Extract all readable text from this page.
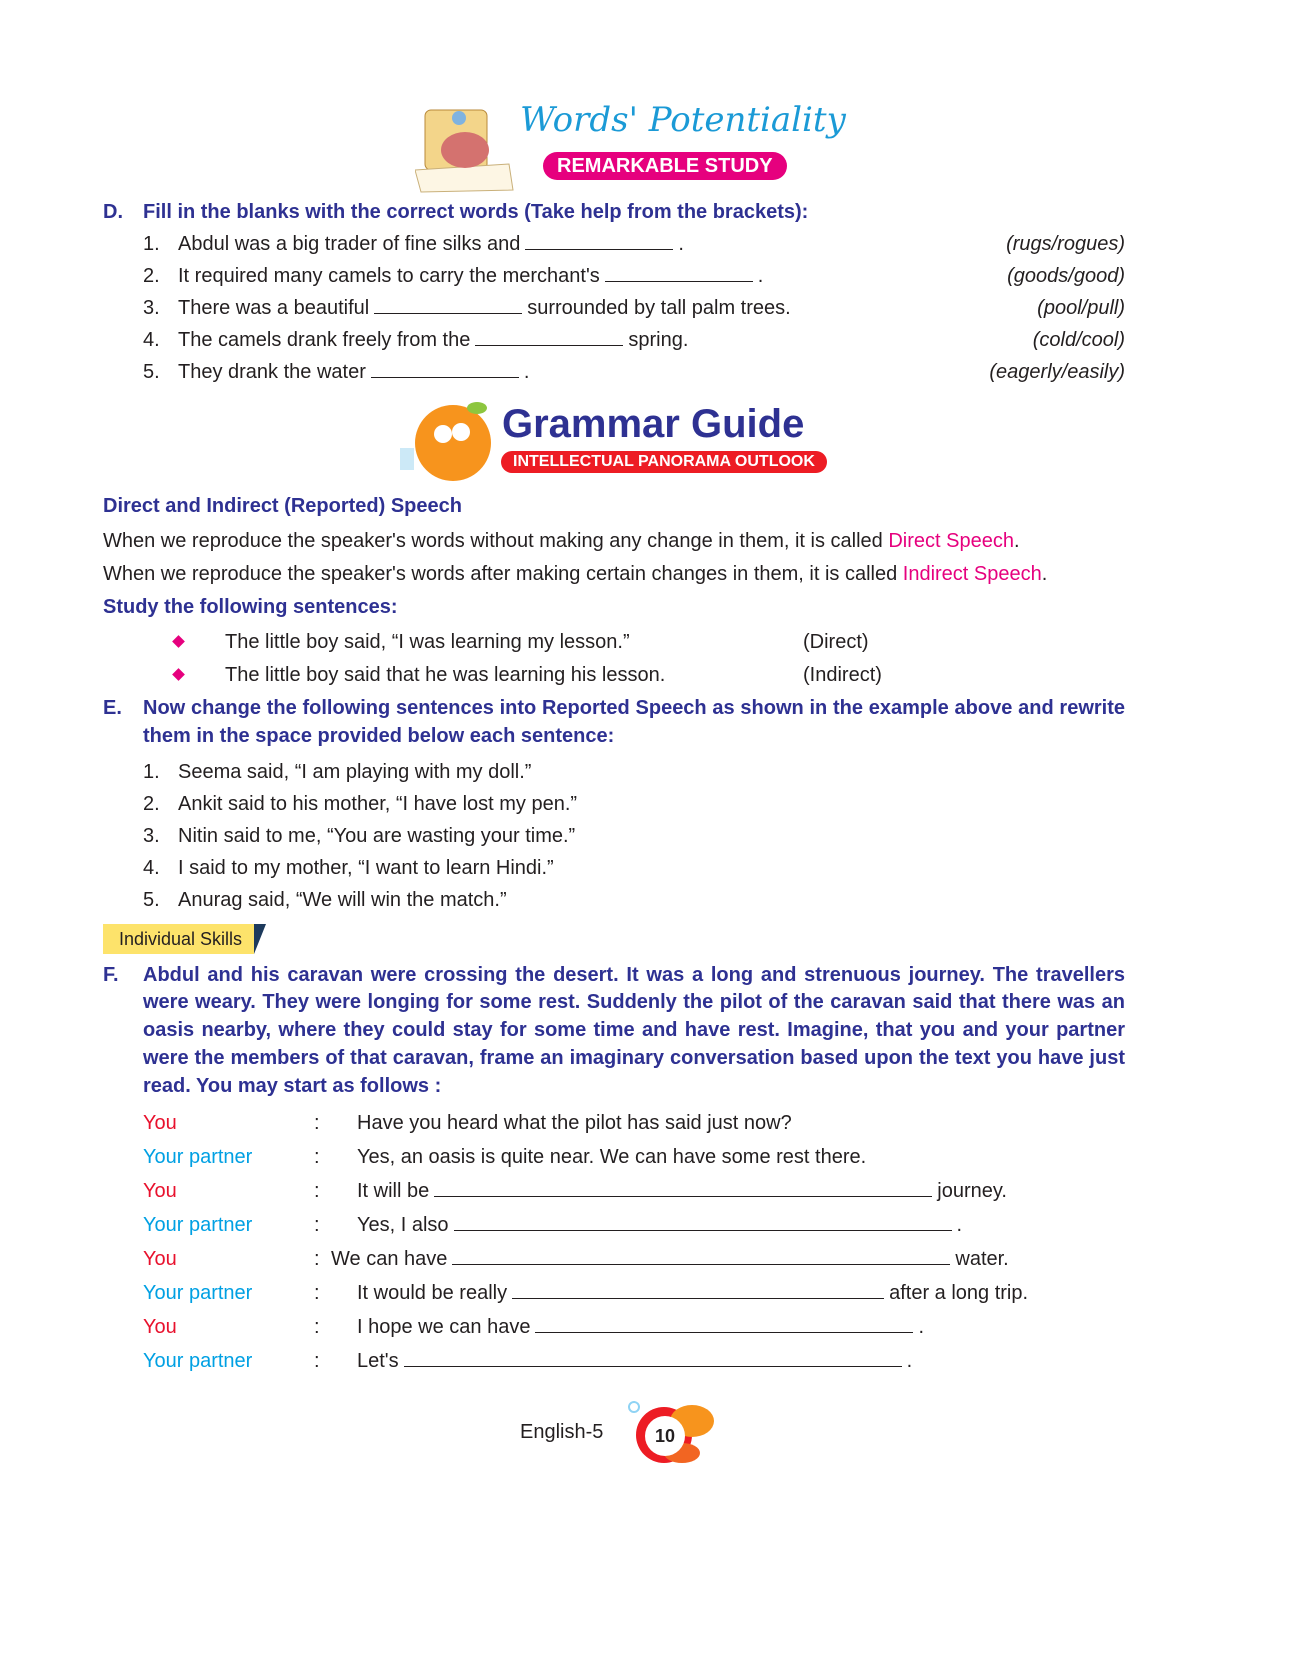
Words' Potentiality
REMARKABLE STUDY
D. Fill in the blanks with the correct words (Take help from the brackets):
Grammar Guide
INTELLECTUAL PANORAMA OUTLOOK
Direct and Indirect (Reported) Speech
When we reproduce the speaker's words without making any change in them, it is called Direct Speech.
When we reproduce the speaker's words after making certain changes in them, it is called Indirect Speech.
Study the following sentences:
E. Now change the following sentences into Reported Speech as shown in the example above and rewrite them in the space provided below each sentence:
1. Seema said, “I am playing with my doll.”
2. Ankit said to his mother, “I have lost my pen.”
3. Nitin said to me, “You are wasting your time.”
4. I said to my mother, “I want to learn Hindi.”
5. Anurag said, “We will win the match.”
Individual Skills
F. Abdul and his caravan were crossing the desert. It was a long and strenuous journey. The travellers were weary. They were longing for some rest. Suddenly the pilot of the caravan said that there was an oasis nearby, where they could stay for some time and have rest. Imagine, that you and your partner were the members of that caravan, frame an imaginary conversation based upon the text you have just read. You may start as follows :
You	: Have you heard what the pilot has said just now?
Your partner	: Yes, an oasis is quite near. We can have some rest there.
You	: It will be	journey.
Your partner	: Yes, I also	.
You	: We can have	water.
Your partner	: It would be really	after a long trip.
You	: I hope we can have	.
Your partner	: Let's	.
English-5	10
1. Abdul was a big trader of fine silks and	.	(rugs/rogues)
2. It required many camels to carry the merchant's	.	(goods/good)
3. There was a beautiful	surrounded by tall palm trees.	(pool/pull)
4. The camels drank freely from the	spring.	(cold/cool)
5. They drank the water	.	(eagerly/easily)
The little boy said, “I was learning my lesson.”	(Direct)
The little boy said that he was learning his lesson.	(Indirect)
